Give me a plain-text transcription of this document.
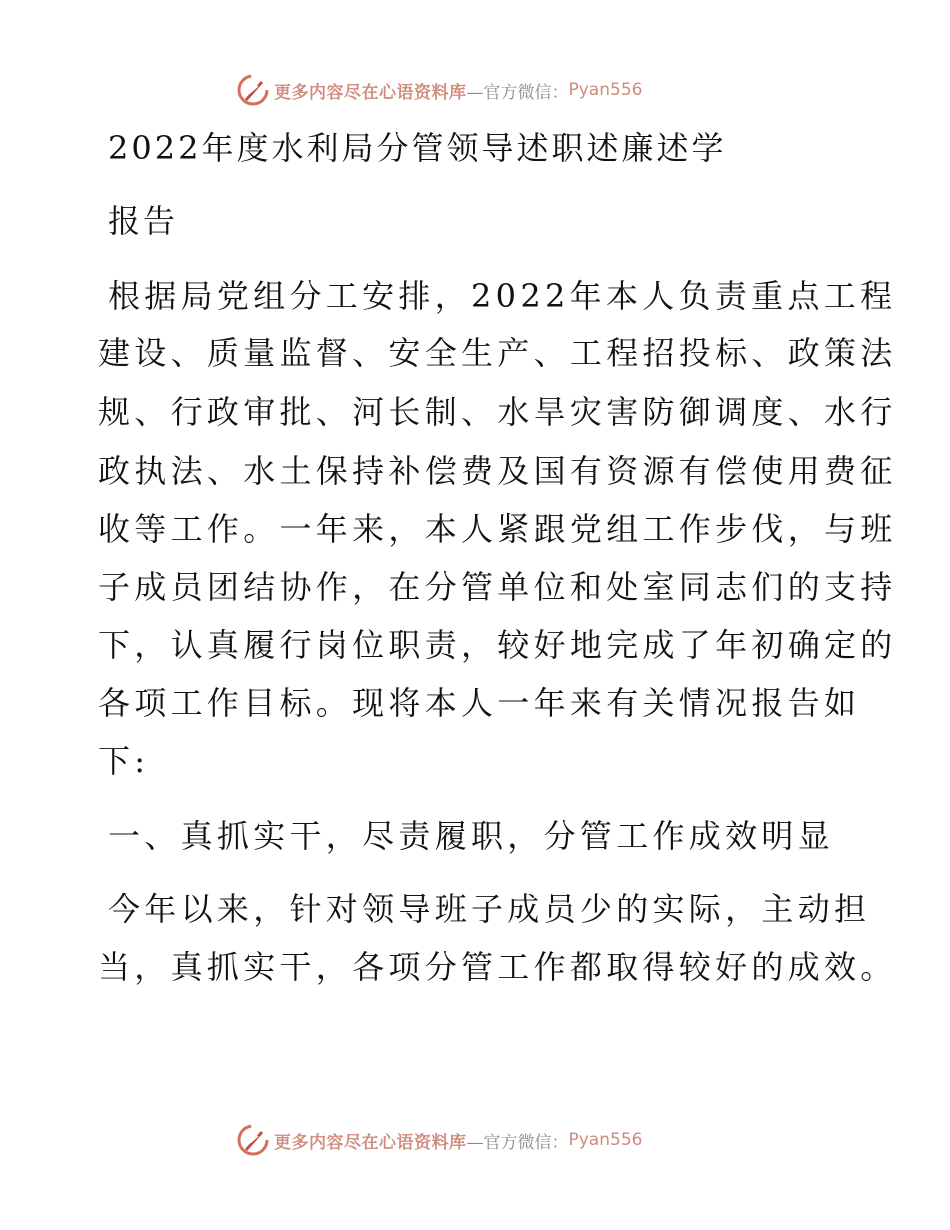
更多内容尽在心语资料库 —官方微信： Pyan556
2022年度水利局分管领导述职述廉述学
报告
根据局党组分工安排，2022年本人负责重点工程
建设、质量监督、安全生产、工程招投标、政策法
规、行政审批、河长制、水旱灾害防御调度、水行
政执法、水土保持补偿费及国有资源有偿使用费征
收等工作。一年来，本人紧跟党组工作步伐，与班
子成员团结协作，在分管单位和处室同志们的支持
下，认真履行岗位职责，较好地完成了年初确定的
各项工作目标。现将本人一年来有关情况报告如
下:
一、真抓实干，尽责履职，分管工作成效明显
今年以来，针对领导班子成员少的实际，主动担
当，真抓实干，各项分管工作都取得较好的成效。
更多内容尽在心语资料库 —官方微信： Pyan556
